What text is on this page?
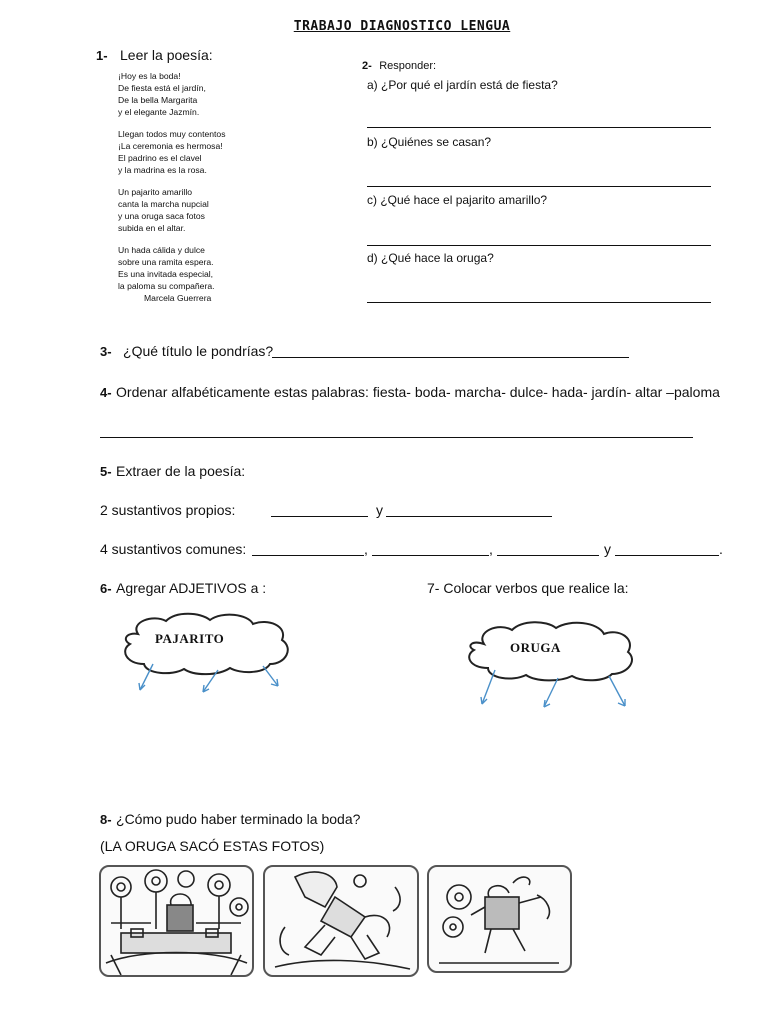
TRABAJO DIAGNOSTICO LENGUA
1- Leer la poesía:
¡Hoy es la boda!
De fiesta está el jardín,
De la bella Margarita
y el elegante Jazmín.
Llegan todos muy contentos
¡La ceremonia es hermosa!
El padrino es el clavel
y la madrina es la rosa.
Un pajarito amarillo
canta la marcha nupcial
y una oruga saca fotos
subida en el altar.
Un hada cálida y dulce
sobre una ramita espera.
Es una invitada especial,
la paloma su compañera.
Marcela Guerrera
2- Responder:
a) ¿Por qué el jardín está de fiesta?
b) ¿Quiénes se casan?
c) ¿Qué hace el pajarito amarillo?
d) ¿Qué hace la oruga?
3- ¿Qué título le pondrías?
4- Ordenar alfabéticamente estas palabras: fiesta- boda- marcha- dulce- hada- jardín- altar –paloma
5- Extraer de la poesía:
2 sustantivos propios:	y
4 sustantivos comunes:	,	,	y	.
6- Agregar ADJETIVOS a :	7- Colocar verbos que realice la:
PAJARITO
ORUGA
8- ¿Cómo pudo haber terminado la boda?
(LA ORUGA SACÓ ESTAS FOTOS)
